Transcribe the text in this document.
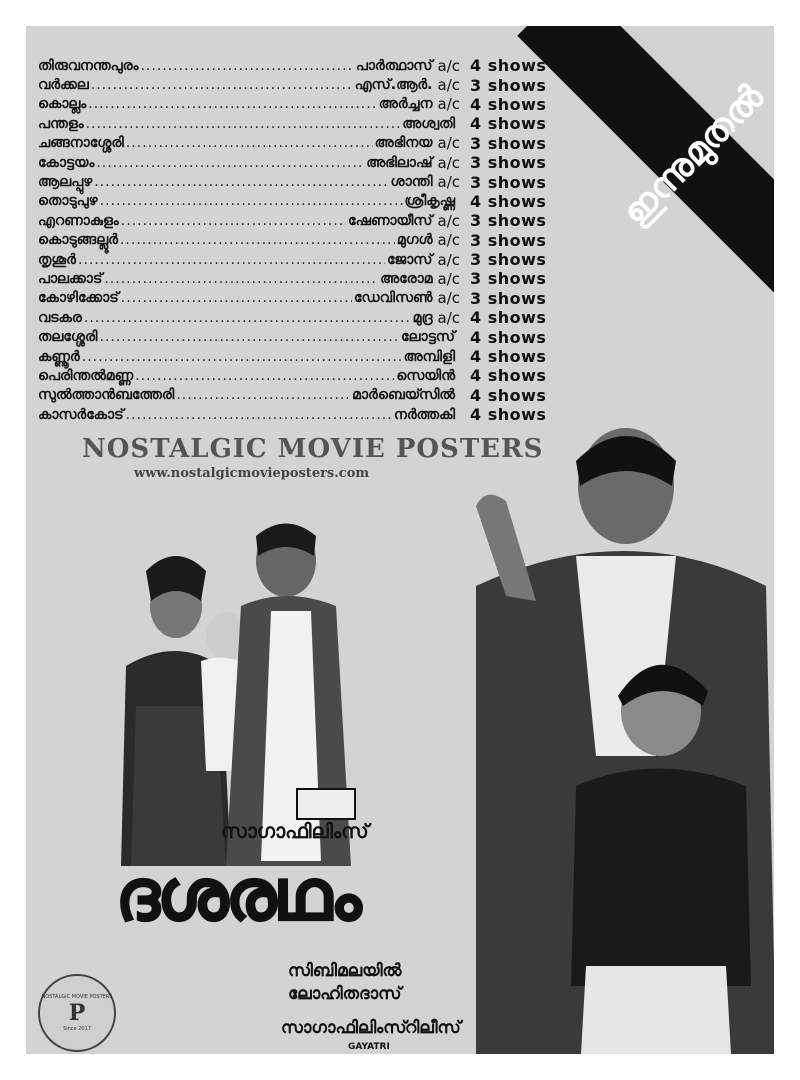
തിരുവനന്തപുരം .....	പാർത്ഥാസ് a/c 4 shows
വർക്കല .....	എസ്.ആർ. a/c 3 shows
കൊല്ലം .....	അർച്ചന a/c 4 shows
പന്തളം .....	അശ്വതി 4 shows
ചങ്ങനാശ്ശേരി .....	അഭിനയ a/c 3 shows
കോട്ടയം .....	അഭിലാഷ് a/c 3 shows
ആലപ്പുഴ .....	ശാന്തി a/c 3 shows
തൊടുപുഴ .....	ശ്രീകൃഷ്ണ 4 shows
എറണാകുളം .....	ഷേണായീസ് a/c 3 shows
കൊടുങ്ങല്ലൂർ .....	മുഗൾ a/c 3 shows
തൃശൂർ .....	ജോസ് a/c 3 shows
പാലക്കാട് .....	അരോമ a/c 3 shows
കോഴിക്കോട് .....	ഡേവിസൺ a/c 3 shows
വടകര .....	മുദ്ര a/c 4 shows
തലശ്ശേരി .....	ലോട്ടസ് 4 shows
കണ്ണൂർ .....	അമ്പിളി 4 shows
പെരിന്തൽമണ്ണ .....	സെയിൻ 4 shows
സുൽത്താൻബത്തേരി .....	മാർബെയ്സിൽ 4 shows
കാസർകോട് .....	നർത്തകി 4 shows
ഇന്നുമുതൽ
NOSTALGIC MOVIE POSTERS
www.nostalgicmovieposters.com
സാഗാഫിലിംസ്
ദശരഥം
സിബിമലയിൽ
ലോഹിതദാസ്
സാഗാഫിലിംസ്റിലീസ്
GAYATRI
NOSTALGIC MOVIE POSTERS
P
Since 2017
